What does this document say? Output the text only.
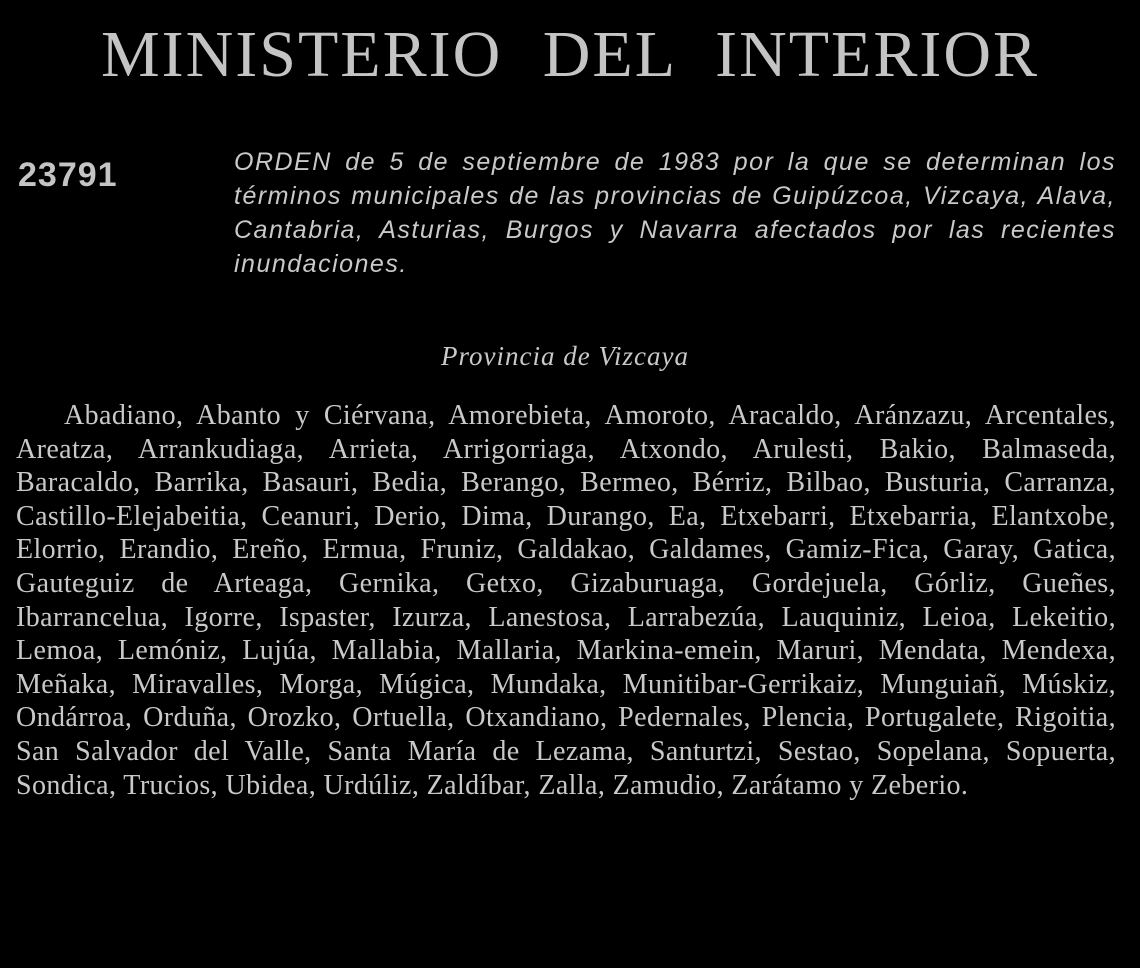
MINISTERIO DEL INTERIOR
23791	ORDEN de 5 de septiembre de 1983 por la que se determinan los términos municipales de las provincias de Guipúzcoa, Vizcaya, Alava, Cantabria, Asturias, Burgos y Navarra afectados por las recientes inundaciones.
Provincia de Vizcaya

Abadiano, Abanto y Ciérvana, Amorebieta, Amoroto, Aracaldo, Aránzazu, Arcentales, Areatza, Arrankudiaga, Arrieta, Arrigorriaga, Atxondo, Arulesti, Bakio, Balmaseda, Baracaldo, Barrika, Basauri, Bedia, Berango, Bermeo, Bérriz, Bilbao, Busturia, Carranza, Castillo-Elejabeitia, Ceanuri, Derio, Dima, Durango, Ea, Etxebarri, Etxebarria, Elantxobe, Elorrio, Erandio, Ereño, Ermua, Fruniz, Galdakao, Galdames, Gamiz-Fica, Garay, Gatica, Gauteguiz de Arteaga, Gernika, Getxo, Gizaburuaga, Gordejuela, Górliz, Gueñes, Ibarrancelua, Igorre, Ispaster, Izurza, Lanestosa, Larrabezúa, Lauquiniz, Leioa, Lekeitio, Lemoa, Lemóniz, Lujúa, Mallabia, Mallaria, Markina-emein, Maruri, Mendata, Mendexa, Meñaka, Miravalles, Morga, Múgica, Mundaka, Munitibar-Gerrikaiz, Munguiañ, Múskiz, Ondárroa, Orduña, Orozko, Ortuella, Otxandiano, Pedernales, Plencia, Portugalete, Rigoitia, San Salvador del Valle, Santa María de Lezama, Santurtzi, Sestao, Sopelana, Sopuerta, Sondica, Trucios, Ubidea, Urdúliz, Zaldíbar, Zalla, Zamudio, Zarátamo y Zeberio.
